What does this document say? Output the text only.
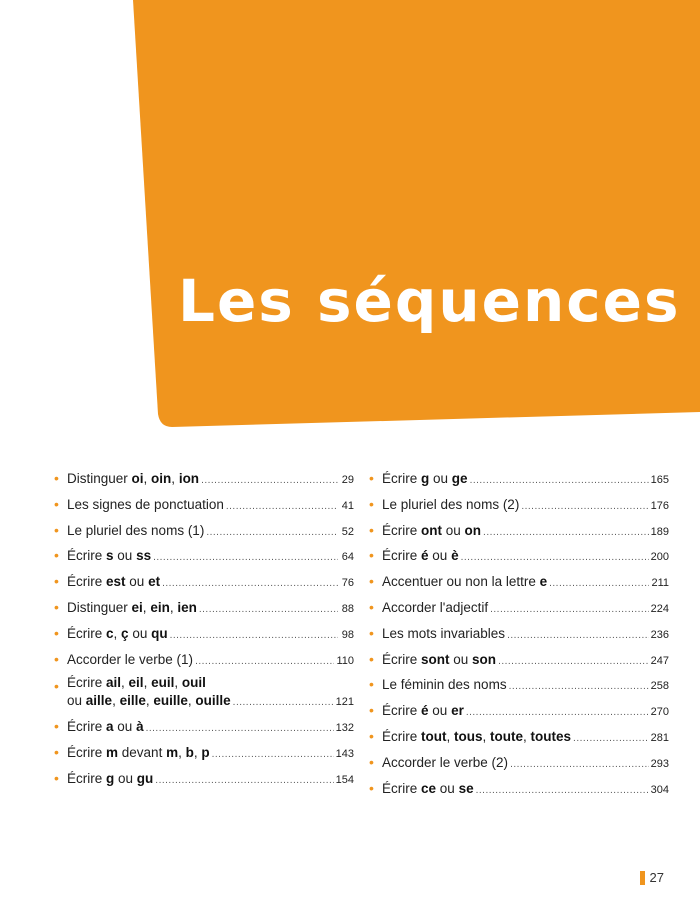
Les séquences
• Distinguer oi, oin, ion .....	29
• Les signes de ponctuation .....	41
• Le pluriel des noms (1) .....	52
• Écrire s ou ss .....	64
• Écrire est ou et .....	76
• Distinguer ei, ein, ien .....	88
• Écrire c, ç ou qu .....	98
• Accorder le verbe (1) .....	110
• Écrire ail, eil, euil, ouil
ou aille, eille, euille, ouille .....	121
• Écrire a ou à .....	132
• Écrire m devant m, b, p .....	143
• Écrire g ou gu .....	154
• Écrire g ou ge .....	165
• Le pluriel des noms (2) .....	176
• Écrire ont ou on .....	189
• Écrire é ou è .....	200
• Accentuer ou non la lettre e .....	211
• Accorder l'adjectif .....	224
• Les mots invariables .....	236
• Écrire sont ou son .....	247
• Le féminin des noms .....	258
• Écrire é ou er .....	270
• Écrire tout, tous, toute, toutes .....	281
• Accorder le verbe (2) .....	293
• Écrire ce ou se .....	304
27
